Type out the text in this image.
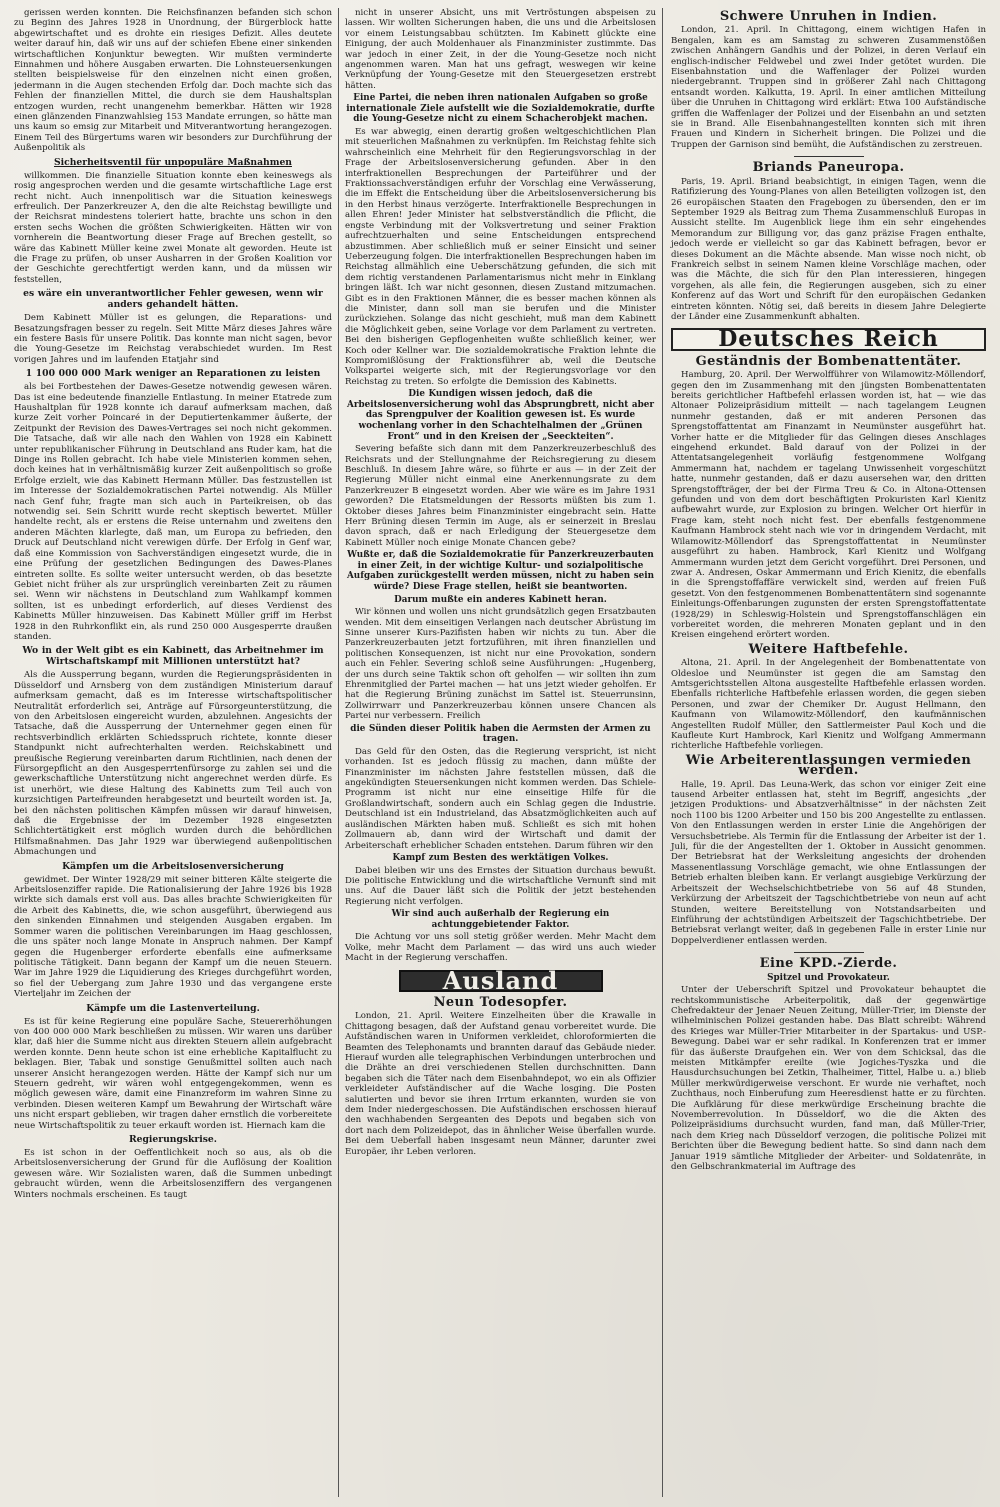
gerissen werden konnten. Die Reichsfinanzen befanden sich schon zu Beginn des Jahres 1928 in Unordnung, der Bürgerblock hatte abgewirtschaftet und es drohte ein riesiges Defizit. Alles deutete weiter darauf hin, daß wir uns auf der schiefen Ebene einer sinkenden wirtschaftlichen Konjunktur bewegten. Wir mußten verminderte Einnahmen und höhere Ausgaben erwarten. Die Lohnsteuersenkungen stellten beispielsweise für den einzelnen nicht einen großen, jedermann in die Augen stechenden Erfolg dar. Doch machte sich das Fehlen der finanziellen Mittel, die durch sie dem Haushaltsplan entzogen wurden, recht unangenehm bemerkbar. Hätten wir 1928 einen glänzenden Finanzwahlsieg 153 Mandate errungen, so hätte man uns kaum so emsig zur Mitarbeit und Mitverantwortung herangezogen. Einem Teil des Bürgertums waren wir besonders zur Durchführung der Außenpolitik als

Sicherheitsventil für unpopuläre Maßnahmen

willkommen. Die finanzielle Situation konnte eben keineswegs als rosig angesprochen werden und die gesamte wirtschaftliche Lage erst recht nicht. Auch innenpolitisch war die Situation keineswegs erfreulich. Der Panzerkreuzer A, den die alte Reichstag bewilligte und der Reichsrat mindestens toleriert hatte, brachte uns schon in den ersten sechs Wochen die größten Schwierigkeiten. Hätten wir von vornherein die Beantwortung dieser Frage auf Brechen gestellt, so wäre das Kabinett Müller keine zwei Monate alt geworden. Heute ist die Frage zu prüfen, ob unser Ausharren in der Großen Koalition vor der Geschichte gerechtfertigt werden kann, und da müssen wir feststellen,

es wäre ein unverantwortlicher Fehler gewesen, wenn wir anders gehandelt hätten.

Dem Kabinett Müller ist es gelungen, die Reparations- und Besatzungsfragen besser zu regeln. Seit Mitte März dieses Jahres wäre ein festere Basis für unsere Politik. Das konnte man nicht sagen, bevor die Young-Gesetze im Reichstag verabschiedet wurden. Im Rest vorigen Jahres und im laufenden Etatjahr sind

1 100 000 000 Mark weniger an Reparationen zu leisten

als bei Fortbestehen der Dawes-Gesetze notwendig gewesen wären. Das ist eine bedeutende finanzielle Entlastung. In meiner Etatrede zum Haushaltplan für 1928 konnte ich darauf aufmerksam machen, daß kurze Zeit vorher Poincaré in der Deputiertenkammer äußerte, der Zeitpunkt der Revision des Dawes-Vertrages sei noch nicht gekommen. Die Tatsache, daß wir alle nach den Wahlen von 1928 ein Kabinett unter republikanischer Führung in Deutschland ans Ruder kam, hat die Dinge ins Rollen gebracht. Ich habe viele Ministerien kommen sehen, doch keines hat in verhältnismäßig kurzer Zeit außenpolitisch so große Erfolge erzielt, wie das Kabinett Hermann Müller. Das festzustellen ist im Interesse der Sozialdemokratischen Partei notwendig. Als Müller nach Genf fuhr, fragte man sich auch in Parteikreisen, ob das notwendig sei. Sein Schritt wurde recht skeptisch bewertet. Müller handelte recht, als er erstens die Reise unternahm und zweitens den anderen Mächten klarlegte, daß man, um Europa zu befrieden, den Druck auf Deutschland nicht verewigen dürfe. Der Erfolg in Genf war, daß eine Kommission von Sachverständigen eingesetzt wurde, die in eine Prüfung der gesetzlichen Bedingungen des Dawes-Planes eintreten sollte. Es sollte weiter untersucht werden, ob das besetzte Gebiet nicht früher als zur ursprünglich vereinbarten Zeit zu räumen sei. Wenn wir nächstens in Deutschland zum Wahlkampf kommen sollten, ist es unbedingt erforderlich, auf dieses Verdienst des Kabinetts Müller hinzuweisen. Das Kabinett Müller griff im Herbst 1928 in den Ruhrkonflikt ein, als rund 250 000 Ausgesperrte draußen standen.

Wo in der Welt gibt es ein Kabinett, das Arbeitnehmer im Wirtschaftskampf mit Millionen unterstützt hat?

Als die Aussperrung begann, wurden die Regierungspräsidenten in Düsseldorf und Arnsberg von dem zuständigen Ministerium darauf aufmerksam gemacht, daß es im Interesse wirtschaftspolitischer Neutralität erforderlich sei, Anträge auf Fürsorgeunterstützung, die von den Arbeitslosen eingereicht wurden, abzulehnen. Angesichts der Tatsache, daß die Aussperrung der Unternehmer gegen einen für rechtsverbindlich erklärten Schiedsspruch richtete, konnte dieser Standpunkt nicht aufrechterhalten werden. Reichskabinett und preußische Regierung vereinbarten darum Richtlinien, nach denen der Fürsorgepflicht an den Ausgesperrtenfürsorge zu zahlen sei und die gewerkschaftliche Unterstützung nicht angerechnet werden dürfe. Es ist unerhört, wie diese Haltung des Kabinetts zum Teil auch von kurzsichtigen Parteifreunden herabgesetzt und beurteilt worden ist. Ja, bei den nächsten politischen Kämpfen müssen wir darauf hinweisen, daß die Ergebnisse der im Dezember 1928 eingesetzten Schlichtertätigkeit erst möglich wurden durch die behördlichen Hilfsmaßnahmen. Das Jahr 1929 war überwiegend außenpolitischen Abmachungen und

Kämpfen um die Arbeitslosenversicherung

gewidmet. Der Winter 1928/29 mit seiner bitteren Kälte steigerte die Arbeitslosenziffer rapide. Die Rationalisierung der Jahre 1926 bis 1928 wirkte sich damals erst voll aus. Das alles brachte Schwierigkeiten für die Arbeit des Kabinetts, die, wie schon ausgeführt, überwiegend aus den sinkenden Einnahmen und steigenden Ausgaben ergaben. Im Sommer waren die politischen Vereinbarungen im Haag geschlossen, die uns später noch lange Monate in Anspruch nahmen. Der Kampf gegen die Hugenberger erforderte ebenfalls eine aufmerksame politische Tätigkeit. Dann begann der Kampf um die neuen Steuern. War im Jahre 1929 die Liquidierung des Krieges durchgeführt worden, so fiel der Uebergang zum Jahre 1930 und das vergangene erste Vierteljahr im Zeichen der

Kämpfe um die Lastenverteilung.

Es ist für keine Regierung eine populäre Sache, Steuererhöhungen von 400 000 000 Mark beschließen zu müssen. Wir waren uns darüber klar, daß hier die Summe nicht aus direkten Steuern allein aufgebracht werden konnte. Denn heute schon ist eine erhebliche Kapitalflucht zu beklagen. Bier, Tabak und sonstige Genußmittel sollten auch nach unserer Ansicht herangezogen werden. Hätte der Kampf sich nur um Steuern gedreht, wir wären wohl entgegengekommen, wenn es möglich gewesen wäre, damit eine Finanzreform im wahren Sinne zu verbinden. Diesen weiteren Kampf um Bewahrung der Wirtschaft wäre uns nicht erspart geblieben, wir tragen daher ernstlich die vorbereitete neue Wirtschaftspolitik zu teuer erkauft worden ist. Hiernach kam die

Regierungskrise.

Es ist schon in der Oeffentlichkeit noch so aus, als ob die Arbeitslosenversicherung der Grund für die Auflösung der Koalition gewesen wäre. Wir Sozialisten waren, daß die Summen unbedingt gebraucht würden, wenn die Arbeitslosenziffern des vergangenen Winters nochmals erscheinen. Es taugt

nicht in unserer Absicht, uns mit Vertröstungen abspeisen zu lassen. Wir wollten Sicherungen haben, die uns und die Arbeitslosen vor einem Leistungsabbau schützten. Im Kabinett glückte eine Einigung, der auch Moldenhauer als Finanzminister zustimmte. Das war jedoch in einer Zeit, in der die Young-Gesetze noch nicht angenommen waren. Man hat uns gefragt, weswegen wir keine Verknüpfung der Young-Gesetze mit den Steuergesetzen erstrebt hätten.

Eine Partei, die neben ihren nationalen Aufgaben so große internationale Ziele aufstellt wie die Sozialdemokratie, durfte die Young-Gesetze nicht zu einem Schacherobjekt machen.

Es war abwegig, einen derartig großen weltgeschichtlichen Plan mit steuerlichen Maßnahmen zu verknüpfen. Im Reichstag fehlte sich wahrscheinlich eine Mehrheit für den Regierungsvorschlag in der Frage der Arbeitslosenversicherung gefunden. Aber in den interfraktionellen Besprechungen der Parteiführer und der Fraktionssachverständigen erfuhr der Vorschlag eine Verwässerung, die im Effekt die Entscheidung über die Arbeitslosenversicherung bis in den Herbst hinaus verzögerte. Interfraktionelle Besprechungen in allen Ehren! Jeder Minister hat selbstverständlich die Pflicht, die engste Verbindung mit der Volksvertretung und seiner Fraktion aufrechtzuerhalten und seine Entscheidungen entsprechend abzustimmen. Aber schließlich muß er seiner Einsicht und seiner Ueberzeugung folgen. Die interfraktionellen Besprechungen haben im Reichstag allmählich eine Ueberschätzung gefunden, die sich mit dem richtig verstandenen Parlamentarismus nicht mehr in Einklang bringen läßt. Ich war nicht gesonnen, diesen Zustand mitzumachen. Gibt es in den Fraktionen Männer, die es besser machen können als die Minister, dann soll man sie berufen und die Minister zurückziehen. Solange das nicht geschieht, muß man dem Kabinett die Möglichkeit geben, seine Vorlage vor dem Parlament zu vertreten. Bei den bisherigen Gepflogenheiten wußte schließlich keiner, wer Koch oder Kellner war. Die sozialdemokratische Fraktion lehnte die Kompromißlösung der Fraktionsführer ab, weil die Deutsche Volkspartei weigerte sich, mit der Regierungsvorlage vor den Reichstag zu treten. So erfolgte die Demission des Kabinetts.

Die Kundigen wissen jedoch, daß die Arbeitslosenversicherung wohl das Absprungbrett, nicht aber das Sprengpulver der Koalition gewesen ist. Es wurde wochenlang vorher in den Schachtelhalmen der „Grünen Front“ und in den Kreisen der „Seeckteiten“.

Severing befaßte sich dann mit dem Panzerkreuzerbeschluß des Reichsrats und der Stellungnahme der Reichsregierung zu diesem Beschluß. In diesem Jahre wäre, so führte er aus — in der Zeit der Regierung Müller nicht einmal eine Anerkennungsrate zu dem Panzerkreuzer B eingesetzt worden. Aber wie wäre es im Jahre 1931 geworden? Die Etatsmeldungen der Ressorts müßten bis zum 1. Oktober dieses Jahres beim Finanzminister eingebracht sein. Hatte Herr Brüning diesen Termin im Auge, als er seinerzeit in Breslau davon sprach, daß er nach Erledigung der Steuergesetze dem Kabinett Müller noch einige Monate Chancen gebe?

Wußte er, daß die Sozialdemokratie für Panzerkreuzerbauten in einer Zeit, in der wichtige Kultur- und sozialpolitische Aufgaben zurückgestellt werden müssen, nicht zu haben sein würde? Diese Frage stellen, heißt sie beantworten.
Darum mußte ein anderes Kabinett heran.

Wir können und wollen uns nicht grundsätzlich gegen Ersatzbauten wenden. Mit dem einseitigen Verlangen nach deutscher Abrüstung im Sinne unserer Kurs-Pazifisten haben wir nichts zu tun. Aber die Panzerkreuzerbauten jetzt fortzuführen, mit ihren finanziellen und politischen Konsequenzen, ist nicht nur eine Provokation, sondern auch ein Fehler. Severing schloß seine Ausführungen: „Hugenberg, der uns durch seine Taktik schon oft geholfen — wir sollten ihn zum Ehrenmitglied der Partei machen — hat uns jetzt wieder geholfen. Er hat die Regierung Brüning zunächst im Sattel ist. Steuerrunsinn, Zollwirrwarr und Panzerkreuzerbau können unsere Chancen als Partei nur verbessern. Freilich

die Sünden dieser Politik haben die Aermsten der Armen zu tragen.

Das Geld für den Osten, das die Regierung verspricht, ist nicht vorhanden. Ist es jedoch flüssig zu machen, dann müßte der Finanzminister im nächsten Jahre feststellen müssen, daß die angekündigten Steuersenkungen nicht kommen werden. Das Schiele-Programm ist nicht nur eine einseitige Hilfe für die Großlandwirtschaft, sondern auch ein Schlag gegen die Industrie. Deutschland ist ein Industrieland, das Absatzmöglichkeiten auch auf ausländischen Märkten haben muß. Schließt es sich mit hohen Zollmauern ab, dann wird der Wirtschaft und damit der Arbeiterschaft erheblicher Schaden entstehen. Darum führen wir den

Kampf zum Besten des werktätigen Volkes.

Dabei bleiben wir uns des Ernstes der Situation durchaus bewußt. Die politische Entwicklung und die wirtschaftliche Vernunft sind mit uns. Auf die Dauer läßt sich die Politik der jetzt bestehenden Regierung nicht verfolgen.

Wir sind auch außerhalb der Regierung ein achtunggebietender Faktor.

Die Achtung vor uns soll stetig größer werden. Mehr Macht dem Volke, mehr Macht dem Parlament — das wird uns auch wieder Macht in der Regierung verschaffen.

Ausland
Neun Todesopfer.

London, 21. April. Weitere Einzelheiten über die Krawalle in Chittagong besagen, daß der Aufstand genau vorbereitet wurde. Die Aufständischen waren in Uniformen verkleidet, chloroformierten die Beamten des Telephonamts und brannten darauf das Gebäude nieder. Hierauf wurden alle telegraphischen Verbindungen unterbrochen und die Drähte an drei verschiedenen Stellen durchschnitten. Dann begaben sich die Täter nach dem Eisenbahndepot, wo ein als Offizier verkleideter Aufständischer auf die Wache losging. Die Posten salutierten und bevor sie ihren Irrtum erkannten, wurden sie von dem Inder niedergeschossen. Die Aufständischen erschossen hierauf den wachhabenden Sergeanten des Depots und begaben sich von dort nach dem Polizeidepot, das in ähnlicher Weise überfallen wurde. Bei dem Ueberfall haben insgesamt neun Männer, darunter zwei Europäer, ihr Leben verloren.

Schwere Unruhen in Indien.

London, 21. April. In Chittagong, einem wichtigen Hafen in Bengalen, kam es am Samstag zu schweren Zusammenstößen zwischen Anhängern Gandhis und der Polizei, in deren Verlauf ein englisch-indischer Feldwebel und zwei Inder getötet wurden. Die Eisenbahnstation und die Waffenlager der Polizei wurden niedergebrannt. Truppen sind in größerer Zahl nach Chittagong entsandt worden. Kalkutta, 19. April. In einer amtlichen Mitteilung über die Unruhen in Chittagong wird erklärt: Etwa 100 Aufständische griffen die Waffenlager der Polizei und der Eisenbahn an und setzten sie in Brand. Alle Eisenbahnangestellten konnten sich mit ihren Frauen und Kindern in Sicherheit bringen. Die Polizei und die Truppen der Garnison sind bemüht, die Aufständischen zu zerstreuen.

Briands Paneuropa.

Paris, 19. April. Briand beabsichtigt, in einigen Tagen, wenn die Ratifizierung des Young-Planes von allen Beteiligten vollzogen ist, den 26 europäischen Staaten den Fragebogen zu übersenden, den er im September 1929 als Beitrag zum Thema Zusammenschluß Europas in Aussicht stellte. Im Augenblick liege ihm ein sehr eingehendes Memorandum zur Billigung vor, das ganz präzise Fragen enthalte, jedoch werde er vielleicht so gar das Kabinett befragen, bevor er dieses Dokument an die Mächte absende. Man wisse noch nicht, ob Frankreich selbst in seinem Namen kleine Vorschläge machen, oder was die Mächte, die sich für den Plan interessieren, hingegen vorgehen, als alle fein, die Regierungen ausgeben, sich zu einer Konferenz auf das Wort und Schrift für den europäischen Gedanken eintreten könnten. Nötig sei, daß bereits in diesem Jahre Delegierte der Länder eine Zusammenkunft abhalten.

Deutsches Reich
Geständnis der Bombenattentäter.

Hamburg, 20. April. Der Werwolfführer von Wilamowitz-Möllendorf, gegen den im Zusammenhang mit den jüngsten Bombenattentaten bereits gerichtlicher Haftbefehl erlassen worden ist, hat — wie das Altonaer Polizeipräsidium mitteilt — nach tagelangem Leugnen nunmehr gestanden, daß er mit anderen Personen das Sprengstoffattentat am Finanzamt in Neumünster ausgeführt hat. Vorher hatte er die Mitglieder für das Gelingen dieses Anschlages eingehend erkundet. Bald darauf von der Polizei in der Attentatsangelegenheit vorläufig festgenommene Wolfgang Ammermann hat, nachdem er tagelang Unwissenheit vorgeschützt hatte, nunmehr gestanden, daß er dazu ausersehen war, den dritten Sprengstoffträger, der bei der Firma Treu & Co. in Altona-Ottensen gefunden und von dem dort beschäftigten Prokuristen Karl Kienitz aufbewahrt wurde, zur Explosion zu bringen. Welcher Ort hierfür in Frage kam, steht noch nicht fest. Der ebenfalls festgenommene Kaufmann Hambrock steht nach wie vor in dringendem Verdacht, mit Wilamowitz-Möllendorf das Sprengstoffattentat in Neumünster ausgeführt zu haben. Hambrock, Karl Kienitz und Wolfgang Ammermann wurden jetzt dem Gericht vorgeführt. Drei Personen, und zwar A. Andresen, Oskar Ammermann und Erich Kienitz, die ebenfalls in die Sprengstoffaffäre verwickelt sind, werden auf freien Fuß gesetzt. Von den festgenommenen Bombenattentätern sind sogenannte Einleitungs-Offenbarungen zugunsten der ersten Sprengstoffattentate (1928/29) in Schleswig-Holstein und Sprengstoffanschlägen ein vorbereitet worden, die mehreren Monaten geplant und in den Kreisen eingehend erörtert worden.

Weitere Haftbefehle.

Altona, 21. April. In der Angelegenheit der Bombenattentate von Oldesloe und Neumünster ist gegen die am Samstag den Amtsgerichtsstellen Altona ausgestellte Haftbefehle erlassen worden. Ebenfalls richterliche Haftbefehle erlassen worden, die gegen sieben Personen, und zwar der Chemiker Dr. August Hellmann, den Kaufmann von Wilamowitz-Möllendorf, den kaufmännischen Angestellten Rudolf Müller, den Sattlermeister Paul Koch und die Kaufleute Kurt Hambrock, Karl Kienitz und Wolfgang Ammermann richterliche Haftbefehle vorliegen.

Wie Arbeiterentlassungen vermieden werden.

Halle, 19. April. Das Leuna-Werk, das schon vor einiger Zeit eine tausend Arbeiter entlassen hat, steht im Begriff, angesichts „der jetzigen Produktions- und Absatzverhältnisse“ in der nächsten Zeit noch 1100 bis 1200 Arbeiter und 150 bis 200 Angestellte zu entlassen. Von den Entlassungen werden in erster Linie die Angehörigen der Versuchsbetriebe. Als Termin für die Entlassung der Arbeiter ist der 1. Juli, für die der Angestellten der 1. Oktober in Aussicht genommen. Der Betriebsrat hat der Werksleitung angesichts der drohenden Massenentlassung Vorschläge gemacht, wie ohne Entlassungen der Betrieb erhalten bleiben kann. Er verlangt ausgiebige Verkürzung der Arbeitszeit der Wechselschichtbetriebe von 56 auf 48 Stunden, Verkürzung der Arbeitszeit der Tagschichtbetriebe von neun auf acht Stunden, weitere Bereitstellung von Notstandsarbeiten und Einführung der achtstündigen Arbeitszeit der Tagschichtbetriebe. Der Betriebsrat verlangt weiter, daß in gegebenen Falle in erster Linie nur Doppelverdiener entlassen werden.

Eine KPD.-Zierde.
Spitzel und Provokateur.

Unter der Ueberschrift Spitzel und Provokateur behauptet die rechtskommunistische Arbeiterpolitik, daß der gegenwärtige Chefredakteur der Jenaer Neuen Zeitung, Müller-Trier, im Dienste der wilhelminischen Polizei gestanden habe. Das Blatt schreibt: Während des Krieges war Müller-Trier Mitarbeiter in der Spartakus- und USP.-Bewegung. Dabei war er sehr radikal. In Konferenzen trat er immer für das äußerste Draufgehen ein. Wer von dem Schicksal, das die meisten Mitkämpfer ereilte (wie Jogiches-Tyszka und die Hausdurchsuchungen bei Zetkin, Thalheimer, Tittel, Halbe u. a.) blieb Müller merkwürdigerweise verschont. Er wurde nie verhaftet, noch Zuchthaus, noch Einberufung zum Heeresdienst hatte er zu fürchten. Die Aufklärung für diese merkwürdige Erscheinung brachte die Novemberrevolution. In Düsseldorf, wo die die Akten des Polizeipräsidiums durchsucht wurden, fand man, daß Müller-Trier, nach dem Krieg nach Düsseldorf verzogen, die politische Polizei mit Berichten über die Bewegung bedient hatte. So sind dann nach dem Januar 1919 sämtliche Mitglieder der Arbeiter- und Soldatenräte, in den Gelbschrankmaterial im Auftrage des
